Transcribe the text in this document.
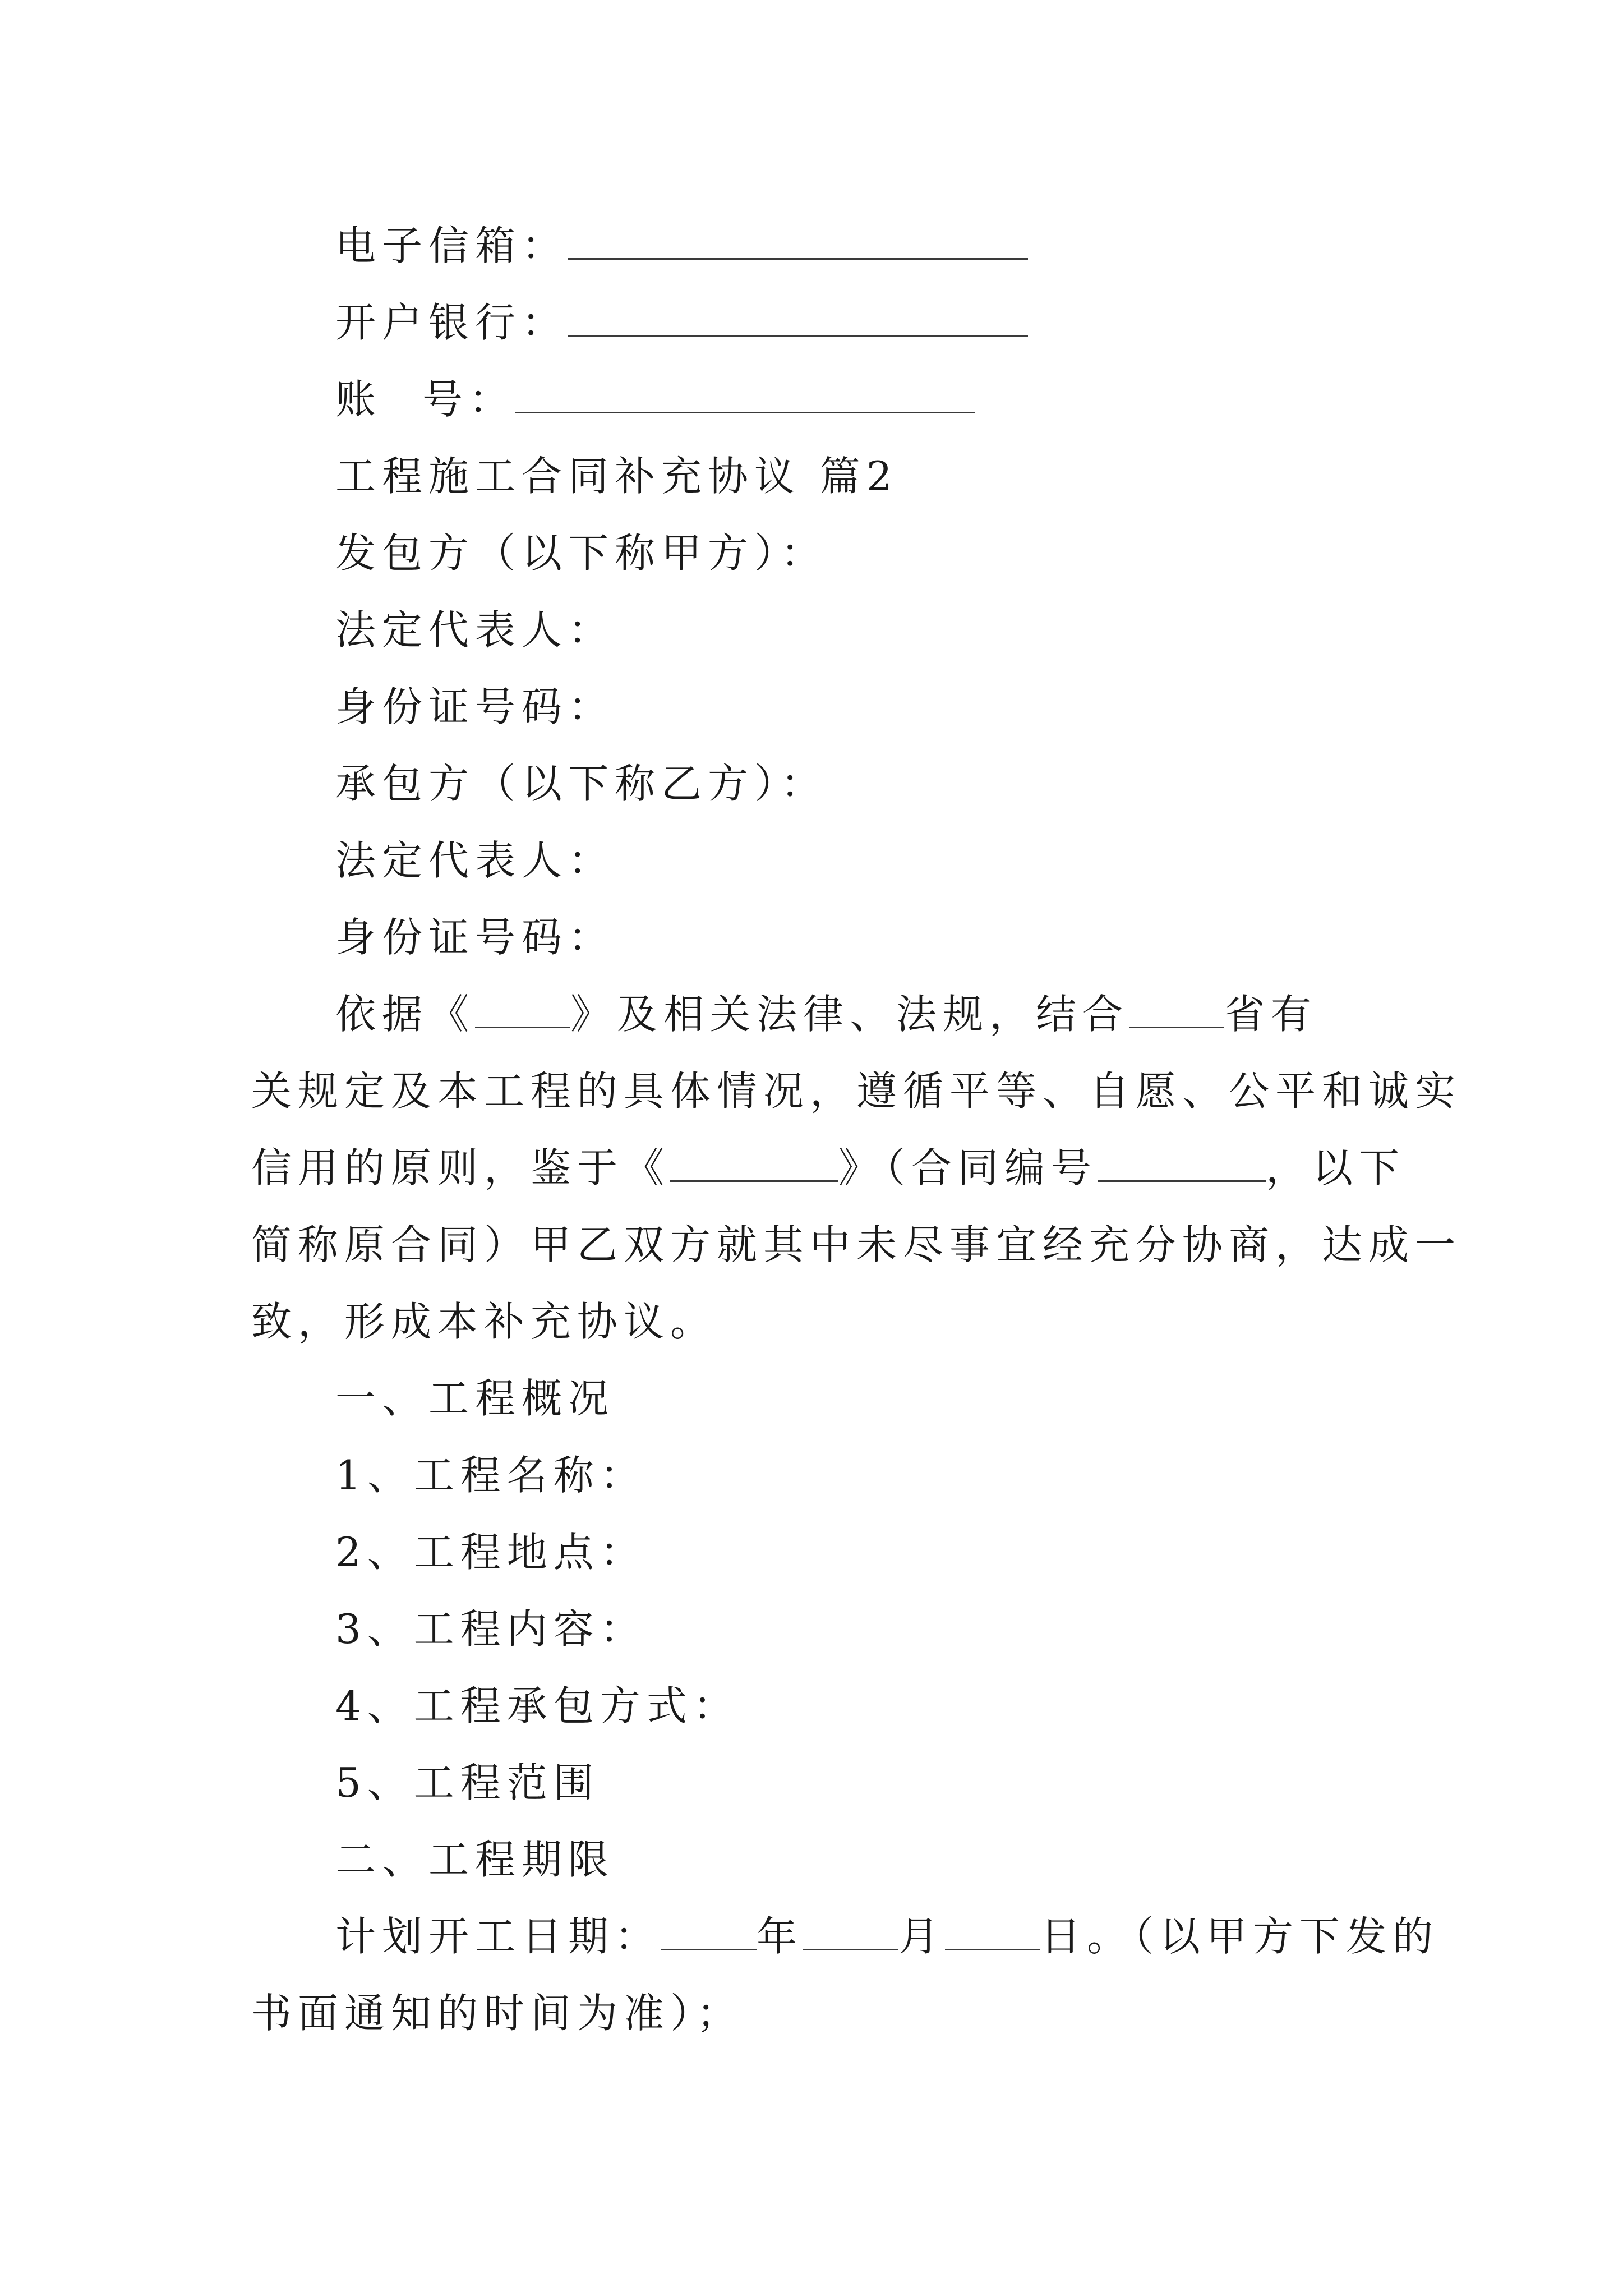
电子信箱：
开户银行：
账 号：
工程施工合同补充协议 篇2
发包方（以下称甲方）：
法定代表人：
身份证号码：
承包方（以下称乙方）：
法定代表人：
身份证号码：
依据《 》及相关法律、法规，结合 省有
关规定及本工程的具体情况，遵循平等、自愿、公平和诚实
信用的原则，鉴于《	》（合同编号	，以下
简称原合同）甲乙双方就其中未尽事宜经充分协商，达成一
致，形成本补充协议。
一、工程概况
1、工程名称：
2、工程地点：
3、工程内容：
4、工程承包方式：
5、工程范围
二、工程期限
计划开工日期： 年 月 日。（以甲方下发的
书面通知的时间为准）；
